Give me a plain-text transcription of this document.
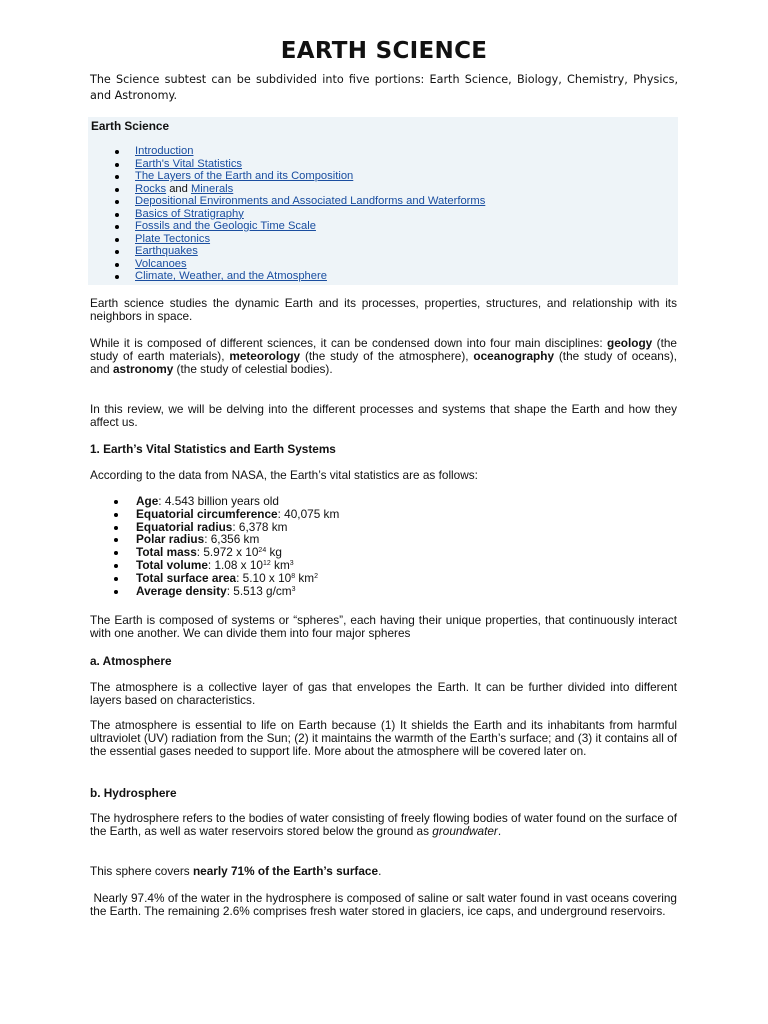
EARTH SCIENCE
The Science subtest can be subdivided into five portions: Earth Science, Biology, Chemistry, Physics, and Astronomy.
Earth Science
Introduction
Earth's Vital Statistics
The Layers of the Earth and its Composition
Rocks and Minerals
Depositional Environments and Associated Landforms and Waterforms
Basics of Stratigraphy
Fossils and the Geologic Time Scale
Plate Tectonics
Earthquakes
Volcanoes
Climate, Weather, and the Atmosphere
Earth science studies the dynamic Earth and its processes, properties, structures, and relationship with its neighbors in space.
While it is composed of different sciences, it can be condensed down into four main disciplines: geology (the study of earth materials), meteorology (the study of the atmosphere), oceanography (the study of oceans), and astronomy (the study of celestial bodies).
In this review, we will be delving into the different processes and systems that shape the Earth and how they affect us.
1. Earth’s Vital Statistics and Earth Systems
According to the data from NASA, the Earth’s vital statistics are as follows:
Age: 4.543 billion years old
Equatorial circumference: 40,075 km
Equatorial radius: 6,378 km
Polar radius: 6,356 km
Total mass: 5.972 x $10^{24}$ kg
Total volume: 1.08 x $10^{12}$ $km^3$
Total surface area: 5.10 x $10^8$ $km^2$
Average density: 5.513 $g/cm^3$
The Earth is composed of systems or “spheres”, each having their unique properties, that continuously interact with one another. We can divide them into four major spheres
a. Atmosphere
The atmosphere is a collective layer of gas that envelopes the Earth. It can be further divided into different layers based on characteristics.
The atmosphere is essential to life on Earth because (1) It shields the Earth and its inhabitants from harmful ultraviolet (UV) radiation from the Sun; (2) it maintains the warmth of the Earth’s surface; and (3) it contains all of the essential gases needed to support life. More about the atmosphere will be covered later on.
b. Hydrosphere
The hydrosphere refers to the bodies of water consisting of freely flowing bodies of water found on the surface of the Earth, as well as water reservoirs stored below the ground as groundwater.
This sphere covers nearly 71% of the Earth’s surface.
Nearly 97.4% of the water in the hydrosphere is composed of saline or salt water found in vast oceans covering the Earth. The remaining 2.6% comprises fresh water stored in glaciers, ice caps, and underground reservoirs.
